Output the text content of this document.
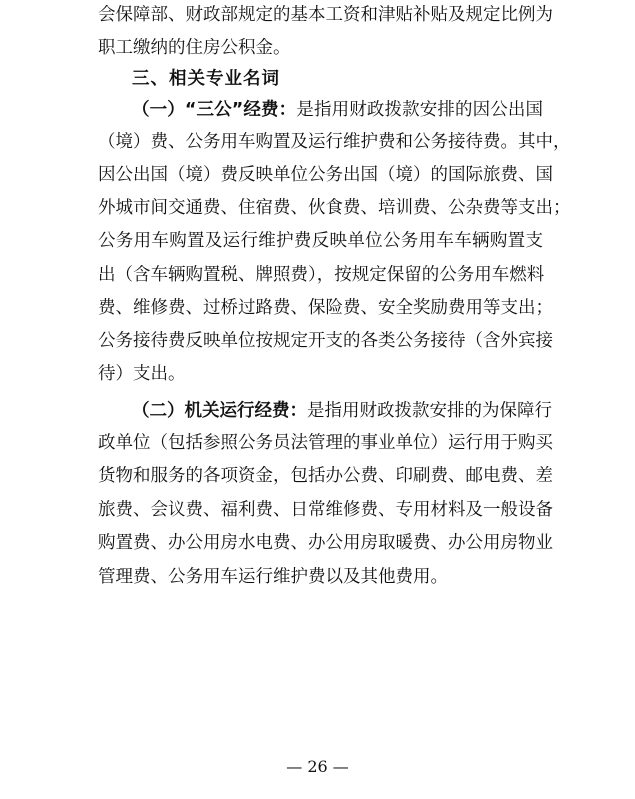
会保障部、财政部规定的基本工资和津贴补贴及规定比例为
职工缴纳的住房公积金。
三、相关专业名词
（一）“三公”经费：是指用财政拨款安排的因公出国
（境）费、公务用车购置及运行维护费和公务接待费。其中，
因公出国（境）费反映单位公务出国（境）的国际旅费、国
外城市间交通费、住宿费、伙食费、培训费、公杂费等支出；
公务用车购置及运行维护费反映单位公务用车车辆购置支
出（含车辆购置税、牌照费），按规定保留的公务用车燃料
费、维修费、过桥过路费、保险费、安全奖励费用等支出；
公务接待费反映单位按规定开支的各类公务接待（含外宾接
待）支出。
（二）机关运行经费：是指用财政拨款安排的为保障行
政单位（包括参照公务员法管理的事业单位）运行用于购买
货物和服务的各项资金，包括办公费、印刷费、邮电费、差
旅费、会议费、福利费、日常维修费、专用材料及一般设备
购置费、办公用房水电费、办公用房取暖费、办公用房物业
管理费、公务用车运行维护费以及其他费用。
— 26 —
